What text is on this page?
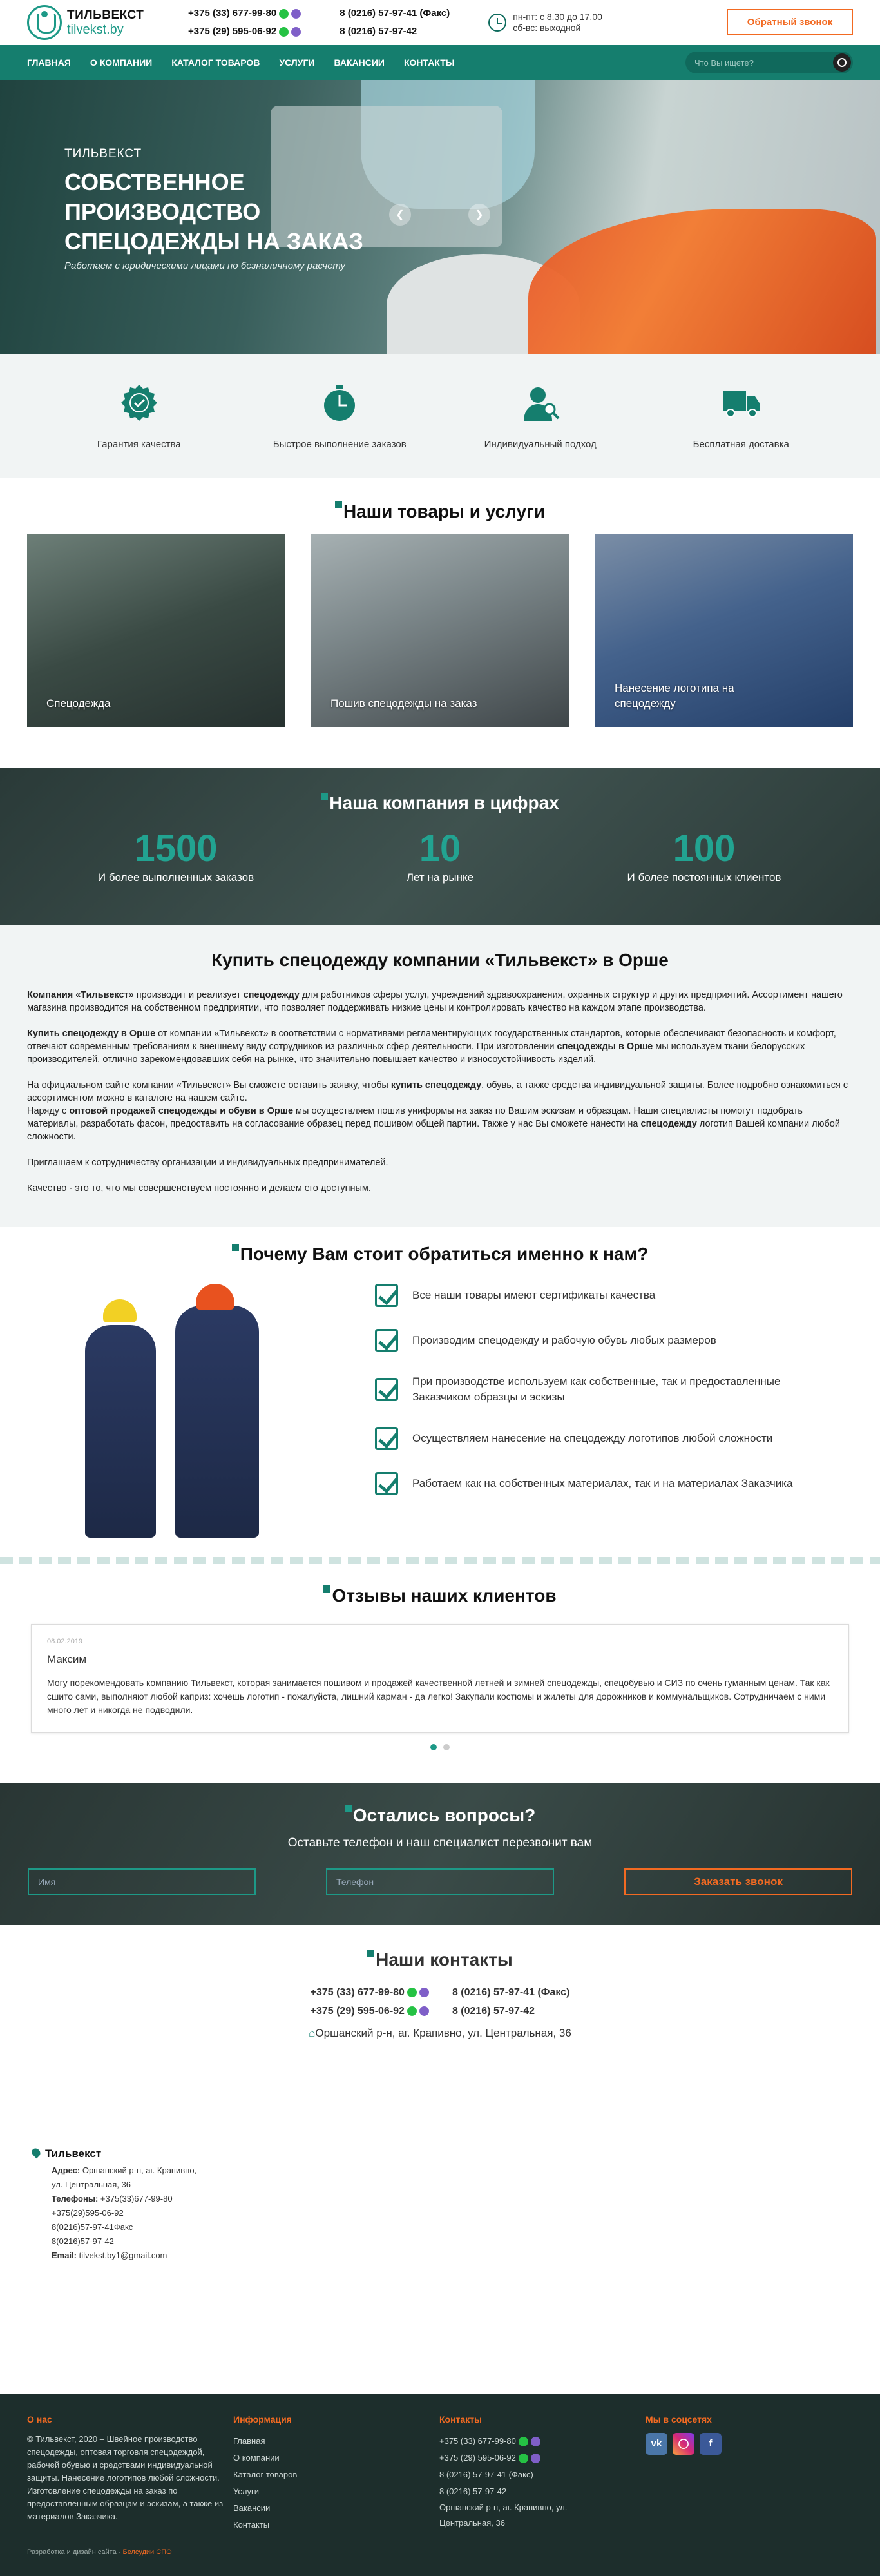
ТИЛЬВЕКСТ
tilvekst.by
+375 (33) 677-99-80
+375 (29) 595-06-92
8 (0216) 57-97-41 (Факс)
8 (0216) 57-97-42
пн-пт: с 8.30 до 17.00
сб-вс: выходной
Обратный звонок
ГЛАВНАЯ О КОМПАНИИ КАТАЛОГ ТОВАРОВ УСЛУГИ ВАКАНСИИ КОНТАКТЫ	Что Вы ищете?
ТИЛЬВЕКСТ
СОБСТВЕННОЕ ПРОИЗВОДСТВО СПЕЦОДЕЖДЫ НА ЗАКАЗ
Работаем с юридическими лицами по безналичному расчету
❮	❯
Гарантия качества	Быстрое выполнение заказов	Индивидуальный подход	Бесплатная доставка
Наши товары и услуги
Спецодежда	Пошив спецодежды на заказ
Нанесение логотипа на спецодежду
Наша компания в цифрах
1500
И более выполненных заказов
10
Лет на рынке
100
И более постоянных клиентов
Купить спецодежду компании «Тильвекст» в Орше

Компания «Тильвекст» производит и реализует спецодежду для работников сферы услуг, учреждений здравоохранения, охранных структур и других предприятий. Ассортимент нашего магазина производится на собственном предприятии, что позволяет поддерживать низкие цены и контролировать качество на каждом этапе производства.

Купить спецодежду в Орше от компании «Тильвекст» в соответствии с нормативами регламентирующих государственных стандартов, которые обеспечивают безопасность и комфорт, отвечают современным требованиям к внешнему виду сотрудников из различных сфер деятельности. При изготовлении спецодежды в Орше мы используем ткани белорусских производителей, отлично зарекомендовавших себя на рынке, что значительно повышает качество и износоустойчивость изделий.

На официальном сайте компании «Тильвекст» Вы сможете оставить заявку, чтобы купить спецодежду, обувь, а также средства индивидуальной защиты. Более подробно ознакомиться с ассортиментом можно в каталоге на нашем сайте.
Наряду с оптовой продажей спецодежды и обуви в Орше мы осуществляем пошив униформы на заказ по Вашим эскизам и образцам. Наши специалисты помогут подобрать материалы, разработать фасон, предоставить на согласование образец перед пошивом общей партии. Также у нас Вы сможете нанести на спецодежду логотип Вашей компании любой сложности.

Приглашаем к сотрудничеству организации и индивидуальных предпринимателей.

Качество - это то, что мы совершенствуем постоянно и делаем его доступным.

Почему Вам стоит обратиться именно к нам?
Все наши товары имеют сертификаты качества
Производим спецодежду и рабочую обувь любых размеров
При производстве используем как собственные, так и предоставленные Заказчиком образцы и эскизы
Осуществляем нанесение на спецодежду логотипов любой сложности
Работаем как на собственных материалах, так и на материалах Заказчика
Отзывы наших клиентов
08.02.2019
Максим
Могу порекомендовать компанию Тильвекст, которая занимается пошивом и продажей качественной летней и зимней спецодежды, спецобувью и СИЗ по очень гуманным ценам. Так как сшито сами, выполняют любой каприз: хочешь логотип - пожалуйста, лишний карман - да легко! Закупали костюмы и жилеты для дорожников и коммунальщиков. Сотрудничаем с ними много лет и никогда не подводили.
Остались вопросы?
Оставьте телефон и наш специалист перезвонит вам
Имя	Телефон	Заказать звонок
Наши контакты
+375 (33) 677-99-80
+375 (29) 595-06-92
8 (0216) 57-97-41 (Факс)
8 (0216) 57-97-42
⌂Оршанский р-н, аг. Крапивно, ул. Центральная, 36
Тильвекст
Адрес: Оршанский р-н, аг. Крапивно, ул. Центральная, 36
Телефоны: +375(33)677-99-80
+375(29)595-06-92
8(0216)57-97-41Факс
8(0216)57-97-42
Email: tilvekst.by1@gmail.com
О нас

© Тильвекст, 2020 – Швейное производство спецодежды, оптовая торговля спецодеждой, рабочей обувью и средствами индивидуальной защиты. Нанесение логотипов любой сложности. Изготовление спецодежды на заказ по предоставленным образцам и эскизам, а также из материалов Заказчика.

Информация
Главная
О компании
Каталог товаров
Услуги
Вакансии
Контакты
Контакты
+375 (33) 677-99-80
+375 (29) 595-06-92
8 (0216) 57-97-41 (Факс)
8 (0216) 57-97-42
Оршанский р-н, аг. Крапивно, ул. Центральная, 36
Мы в соцсетях
vk ◯ f
Разработка и дизайн сайта - Белсудии СПО
